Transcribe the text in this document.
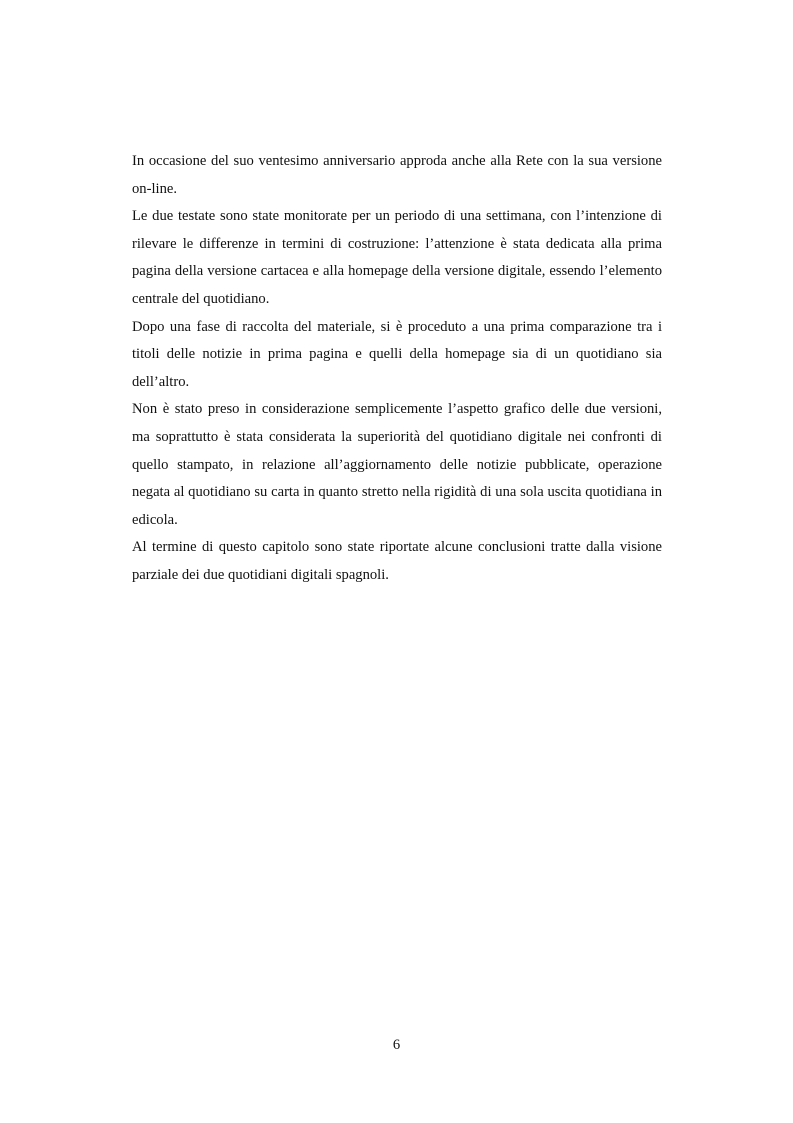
In occasione del suo ventesimo anniversario approda anche alla Rete con la sua versione on-line.

Le due testate sono state monitorate per un periodo di una settimana, con l’intenzione di rilevare le differenze in termini di costruzione: l’attenzione è stata dedicata alla prima pagina della versione cartacea e alla homepage della versione digitale, essendo l’elemento centrale del quotidiano.

Dopo una fase di raccolta del materiale, si è proceduto a una prima comparazione tra i titoli delle notizie in prima pagina e quelli della homepage sia di un quotidiano sia dell’altro.

Non è stato preso in considerazione semplicemente l’aspetto grafico delle due versioni, ma soprattutto è stata considerata la superiorità del quotidiano digitale nei confronti di quello stampato, in relazione all’aggiornamento delle notizie pubblicate, operazione negata al quotidiano su carta in quanto stretto nella rigidità di una sola uscita quotidiana in edicola.

Al termine di questo capitolo sono state riportate alcune conclusioni tratte dalla visione parziale dei due quotidiani digitali spagnoli.

6
